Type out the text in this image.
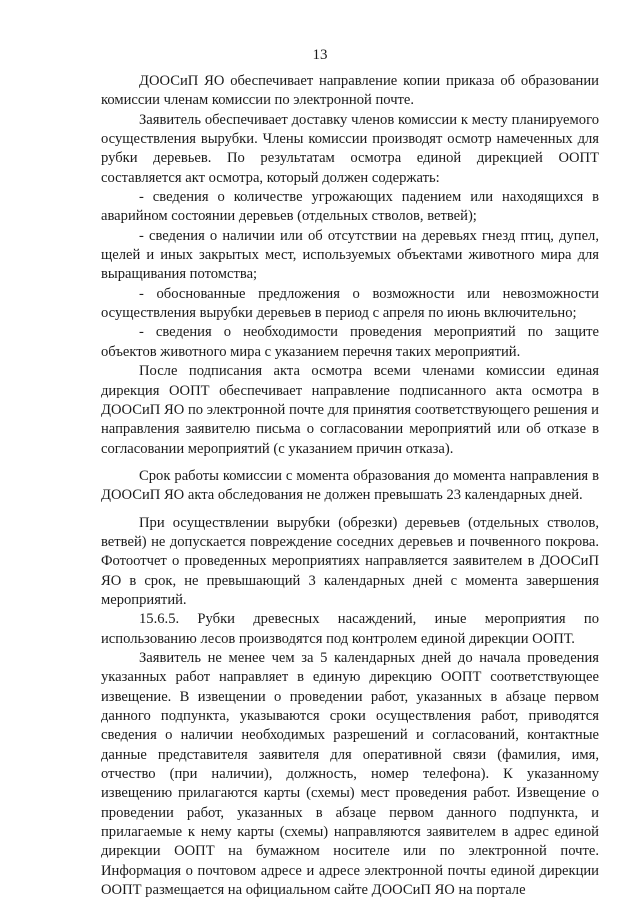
13

ДООСиП ЯО обеспечивает направление копии приказа об образовании комиссии членам комиссии по электронной почте.

Заявитель обеспечивает доставку членов комиссии к месту планируемого осуществления вырубки. Члены комиссии производят осмотр намеченных для рубки деревьев. По результатам осмотра единой дирекцией ООПТ составляется акт осмотра, который должен содержать:

- сведения о количестве угрожающих падением или находящихся в аварийном состоянии деревьев (отдельных стволов, ветвей);

- сведения о наличии или об отсутствии на деревьях гнезд птиц, дупел, щелей и иных закрытых мест, используемых объектами животного мира для выращивания потомства;

- обоснованные предложения о возможности или невозможности осуществления вырубки деревьев в период с апреля по июнь включительно;

- сведения о необходимости проведения мероприятий по защите объектов животного мира с указанием перечня таких мероприятий.

После подписания акта осмотра всеми членами комиссии единая дирекция ООПТ обеспечивает направление подписанного акта осмотра в ДООСиП ЯО по электронной почте для принятия соответствующего решения и направления заявителю письма о согласовании мероприятий или об отказе в согласовании мероприятий (с указанием причин отказа).

Срок работы комиссии с момента образования до момента направления в ДООСиП ЯО акта обследования не должен превышать 23 календарных дней.

При осуществлении вырубки (обрезки) деревьев (отдельных стволов, ветвей) не допускается повреждение соседних деревьев и почвенного покрова. Фотоотчет о проведенных мероприятиях направляется заявителем в ДООСиП ЯО в срок, не превышающий 3 календарных дней с момента завершения мероприятий.

15.6.5. Рубки древесных насаждений, иные мероприятия по использованию лесов производятся под контролем единой дирекции ООПТ.

Заявитель не менее чем за 5 календарных дней до начала проведения указанных работ направляет в единую дирекцию ООПТ соответствующее извещение. В извещении о проведении работ, указанных в абзаце первом данного подпункта, указываются сроки осуществления работ, приводятся сведения о наличии необходимых разрешений и согласований, контактные данные представителя заявителя для оперативной связи (фамилия, имя, отчество (при наличии), должность, номер телефона). К указанному извещению прилагаются карты (схемы) мест проведения работ. Извещение о проведении работ, указанных в абзаце первом данного подпункта, и прилагаемые к нему карты (схемы) направляются заявителем в адрес единой дирекции ООПТ на бумажном носителе или по электронной почте. Информация о почтовом адресе и адресе электронной почты единой дирекции ООПТ размещается на официальном сайте ДООСиП ЯО на портале
